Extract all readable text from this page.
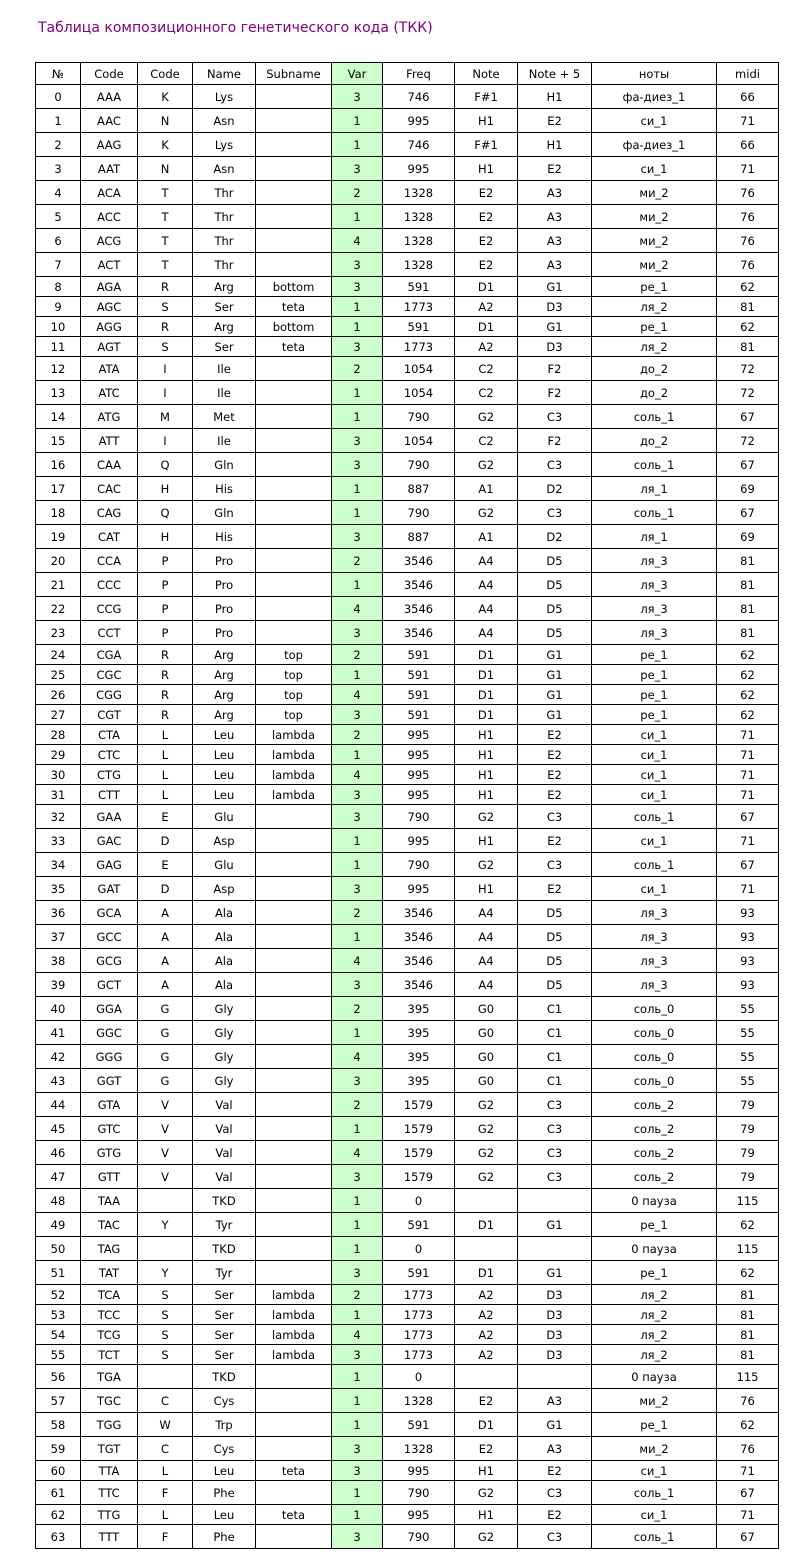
Таблица композиционного генетического кода (ТКК)
№	Code	Code	Name	Subname	Var	Freq	Note	Note + 5	ноты	midi
0	AAA	K	Lys		3	746	F#1	H1	фа-диез_1	66
1	AAC	N	Asn		1	995	H1	E2	си_1	71
2	AAG	K	Lys		1	746	F#1	H1	фа-диез_1	66
3	AAT	N	Asn		3	995	H1	E2	си_1	71
4	ACA	T	Thr		2	1328	E2	A3	ми_2	76
5	ACC	T	Thr		1	1328	E2	A3	ми_2	76
6	ACG	T	Thr		4	1328	E2	A3	ми_2	76
7	ACT	T	Thr		3	1328	E2	A3	ми_2	76
8	AGA	R	Arg	bottom	3	591	D1	G1	ре_1	62
9	AGC	S	Ser	teta	1	1773	A2	D3	ля_2	81
10	AGG	R	Arg	bottom	1	591	D1	G1	ре_1	62
11	AGT	S	Ser	teta	3	1773	A2	D3	ля_2	81
12	ATA	I	Ile		2	1054	C2	F2	до_2	72
13	ATC	I	Ile		1	1054	C2	F2	до_2	72
14	ATG	M	Met		1	790	G2	C3	соль_1	67
15	ATT	I	Ile		3	1054	C2	F2	до_2	72
16	CAA	Q	Gln		3	790	G2	C3	соль_1	67
17	CAC	H	His		1	887	A1	D2	ля_1	69
18	CAG	Q	Gln		1	790	G2	C3	соль_1	67
19	CAT	H	His		3	887	A1	D2	ля_1	69
20	CCA	P	Pro		2	3546	A4	D5	ля_3	81
21	CCC	P	Pro		1	3546	A4	D5	ля_3	81
22	CCG	P	Pro		4	3546	A4	D5	ля_3	81
23	CCT	P	Pro		3	3546	A4	D5	ля_3	81
24	CGA	R	Arg	top	2	591	D1	G1	ре_1	62
25	CGC	R	Arg	top	1	591	D1	G1	ре_1	62
26	CGG	R	Arg	top	4	591	D1	G1	ре_1	62
27	CGT	R	Arg	top	3	591	D1	G1	ре_1	62
28	CTA	L	Leu	lambda	2	995	H1	E2	си_1	71
29	CTC	L	Leu	lambda	1	995	H1	E2	си_1	71
30	CTG	L	Leu	lambda	4	995	H1	E2	си_1	71
31	CTT	L	Leu	lambda	3	995	H1	E2	си_1	71
32	GAA	E	Glu		3	790	G2	C3	соль_1	67
33	GAC	D	Asp		1	995	H1	E2	си_1	71
34	GAG	E	Glu		1	790	G2	C3	соль_1	67
35	GAT	D	Asp		3	995	H1	E2	си_1	71
36	GCA	A	Ala		2	3546	A4	D5	ля_3	93
37	GCC	A	Ala		1	3546	A4	D5	ля_3	93
38	GCG	A	Ala		4	3546	A4	D5	ля_3	93
39	GCT	A	Ala		3	3546	A4	D5	ля_3	93
40	GGA	G	Gly		2	395	G0	C1	соль_0	55
41	GGC	G	Gly		1	395	G0	C1	соль_0	55
42	GGG	G	Gly		4	395	G0	C1	соль_0	55
43	GGT	G	Gly		3	395	G0	C1	соль_0	55
44	GTA	V	Val		2	1579	G2	C3	соль_2	79
45	GTC	V	Val		1	1579	G2	C3	соль_2	79
46	GTG	V	Val		4	1579	G2	C3	соль_2	79
47	GTT	V	Val		3	1579	G2	C3	соль_2	79
48	TAA		TKD		1	0			0 пауза	115
49	TAC	Y	Tyr		1	591	D1	G1	ре_1	62
50	TAG		TKD		1	0			0 пауза	115
51	TAT	Y	Tyr		3	591	D1	G1	ре_1	62
52	TCA	S	Ser	lambda	2	1773	A2	D3	ля_2	81
53	TCC	S	Ser	lambda	1	1773	A2	D3	ля_2	81
54	TCG	S	Ser	lambda	4	1773	A2	D3	ля_2	81
55	TCT	S	Ser	lambda	3	1773	A2	D3	ля_2	81
56	TGA		TKD		1	0			0 пауза	115
57	TGC	C	Cys		1	1328	E2	A3	ми_2	76
58	TGG	W	Trp		1	591	D1	G1	ре_1	62
59	TGT	C	Cys		3	1328	E2	A3	ми_2	76
60	TTA	L	Leu	teta	3	995	H1	E2	си_1	71
61	TTC	F	Phe		1	790	G2	C3	соль_1	67
62	TTG	L	Leu	teta	1	995	H1	E2	си_1	71
63	TTT	F	Phe		3	790	G2	C3	соль_1	67
